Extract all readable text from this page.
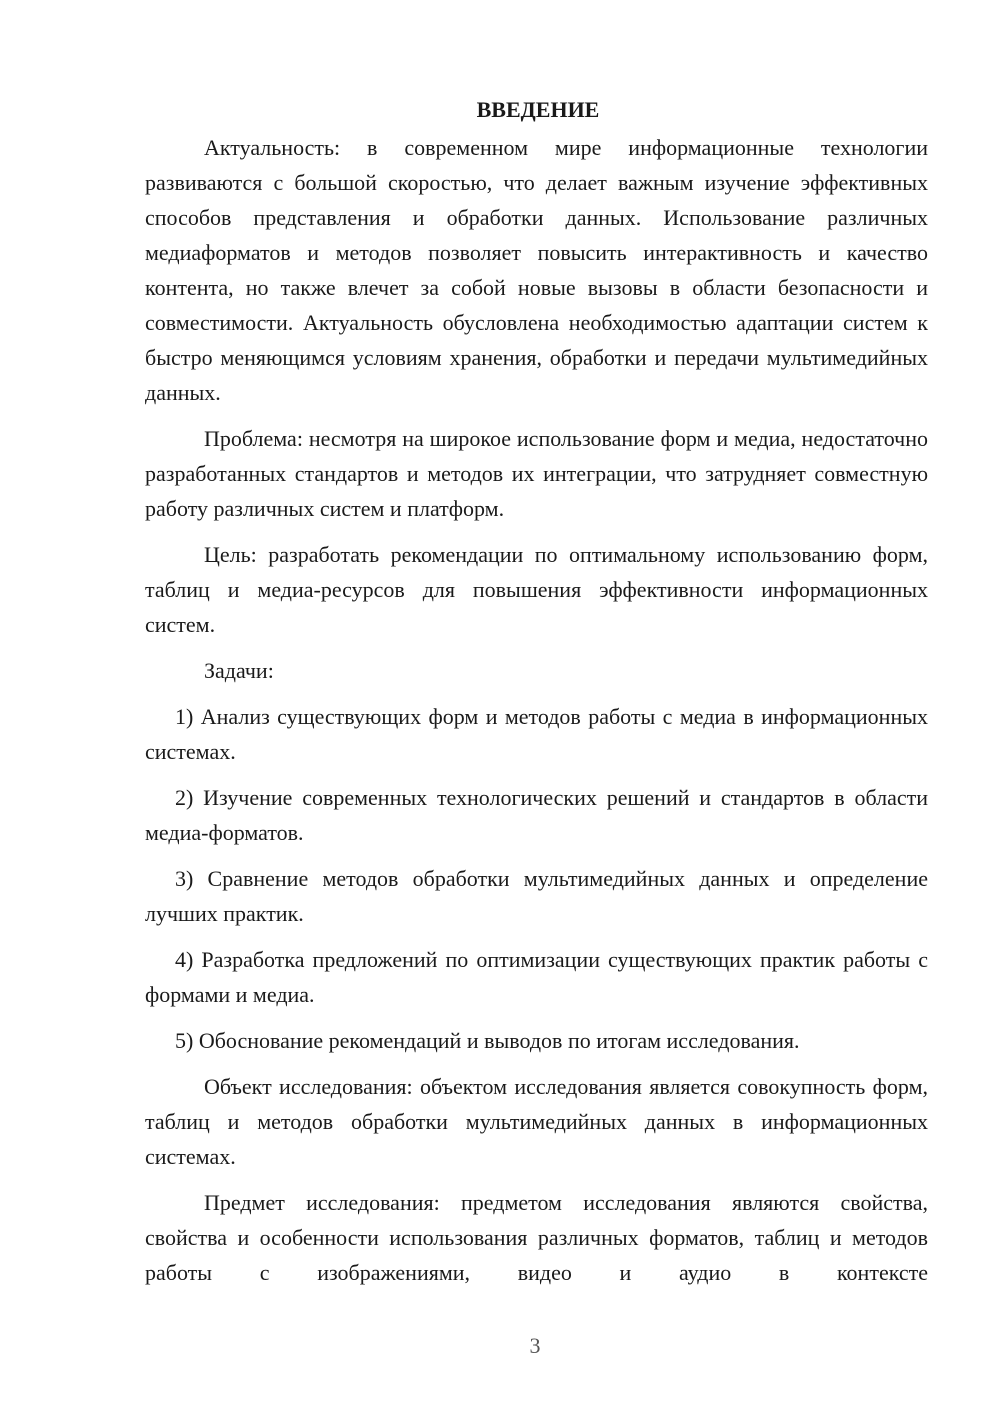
ВВЕДЕНИЕ

Актуальность: в современном мире информационные технологии развиваются с большой скоростью, что делает важным изучение эффективных способов представления и обработки данных. Использование различных медиаформатов и методов позволяет повысить интерактивность и качество контента, но также влечет за собой новые вызовы в области безопасности и совместимости. Актуальность обусловлена необходимостью адаптации систем к быстро меняющимся условиям хранения, обработки и передачи мультимедийных данных.

Проблема: несмотря на широкое использование форм и медиа, недостаточно разработанных стандартов и методов их интеграции, что затрудняет совместную работу различных систем и платформ.

Цель: разработать рекомендации по оптимальному использованию форм, таблиц и медиа-ресурсов для повышения эффективности информационных систем.

Задачи:

1) Анализ существующих форм и методов работы с медиа в информационных системах.

2) Изучение современных технологических решений и стандартов в области медиа-форматов.

3) Сравнение методов обработки мультимедийных данных и определение лучших практик.

4) Разработка предложений по оптимизации существующих практик работы с формами и медиа.

5) Обоснование рекомендаций и выводов по итогам исследования.

Объект исследования: объектом исследования является совокупность форм, таблиц и методов обработки мультимедийных данных в информационных системах.

Предмет исследования: предметом исследования являются свойства, свойства и особенности использования различных форматов, таблиц и методов работы с изображениями, видео и аудио в контексте

3
